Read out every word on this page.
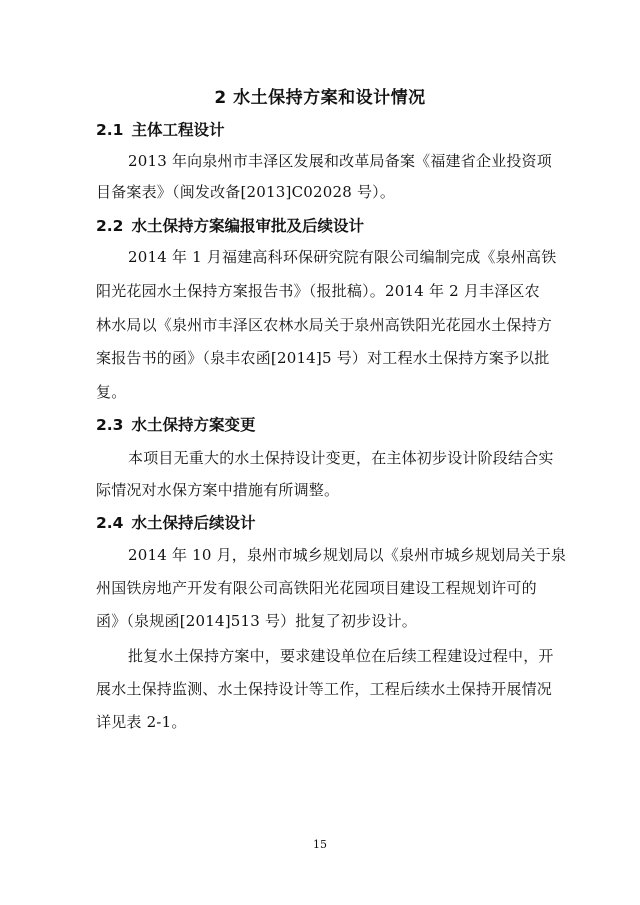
2 水土保持方案和设计情况
2.1 主体工程设计
2013 年向泉州市丰泽区发展和改革局备案《福建省企业投资项
目备案表》（闽发改备[2013]C02028 号）。
2.2 水土保持方案编报审批及后续设计
2014 年 1 月福建高科环保研究院有限公司编制完成《泉州高铁
阳光花园水土保持方案报告书》（报批稿）。2014 年 2 月丰泽区农
林水局以《泉州市丰泽区农林水局关于泉州高铁阳光花园水土保持方
案报告书的函》（泉丰农函[2014]5 号）对工程水土保持方案予以批
复。
2.3 水土保持方案变更
本项目无重大的水土保持设计变更，在主体初步设计阶段结合实
际情况对水保方案中措施有所调整。
2.4 水土保持后续设计
2014 年 10 月，泉州市城乡规划局以《泉州市城乡规划局关于泉
州国铁房地产开发有限公司高铁阳光花园项目建设工程规划许可的
函》（泉规函[2014]513 号）批复了初步设计。
批复水土保持方案中，要求建设单位在后续工程建设过程中，开
展水土保持监测、水土保持设计等工作，工程后续水土保持开展情况
详见表 2-1。
15
